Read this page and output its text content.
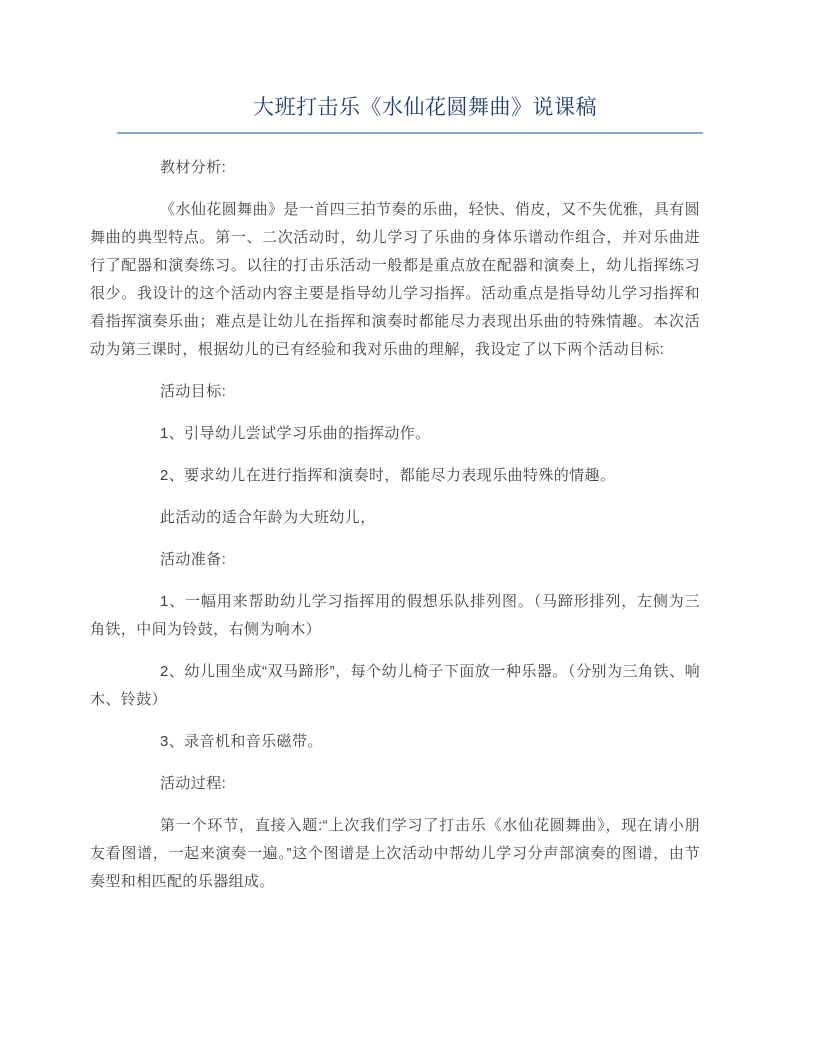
大班打击乐《水仙花圆舞曲》说课稿

教材分析:

《水仙花圆舞曲》是一首四三拍节奏的乐曲，轻快、俏皮，又不失优雅，具有圆舞曲的典型特点。第一、二次活动时，幼儿学习了乐曲的身体乐谱动作组合，并对乐曲进行了配器和演奏练习。以往的打击乐活动一般都是重点放在配器和演奏上，幼儿指挥练习很少。我设计的这个活动内容主要是指导幼儿学习指挥。活动重点是指导幼儿学习指挥和看指挥演奏乐曲；难点是让幼儿在指挥和演奏时都能尽力表现出乐曲的特殊情趣。本次活动为第三课时，根据幼儿的已有经验和我对乐曲的理解，我设定了以下两个活动目标:

活动目标:

1、引导幼儿尝试学习乐曲的指挥动作。

2、要求幼儿在进行指挥和演奏时，都能尽力表现乐曲特殊的情趣。

此活动的适合年龄为大班幼儿，

活动准备:

1、一幅用来帮助幼儿学习指挥用的假想乐队排列图。（马蹄形排列，左侧为三角铁，中间为铃鼓，右侧为响木）

2、幼儿围坐成“双马蹄形”，每个幼儿椅子下面放一种乐器。（分别为三角铁、响木、铃鼓）

3、录音机和音乐磁带。

活动过程:

第一个环节，直接入题:“上次我们学习了打击乐《水仙花圆舞曲》，现在请小朋友看图谱，一起来演奏一遍。”这个图谱是上次活动中帮幼儿学习分声部演奏的图谱，由节奏型和相匹配的乐器组成。
